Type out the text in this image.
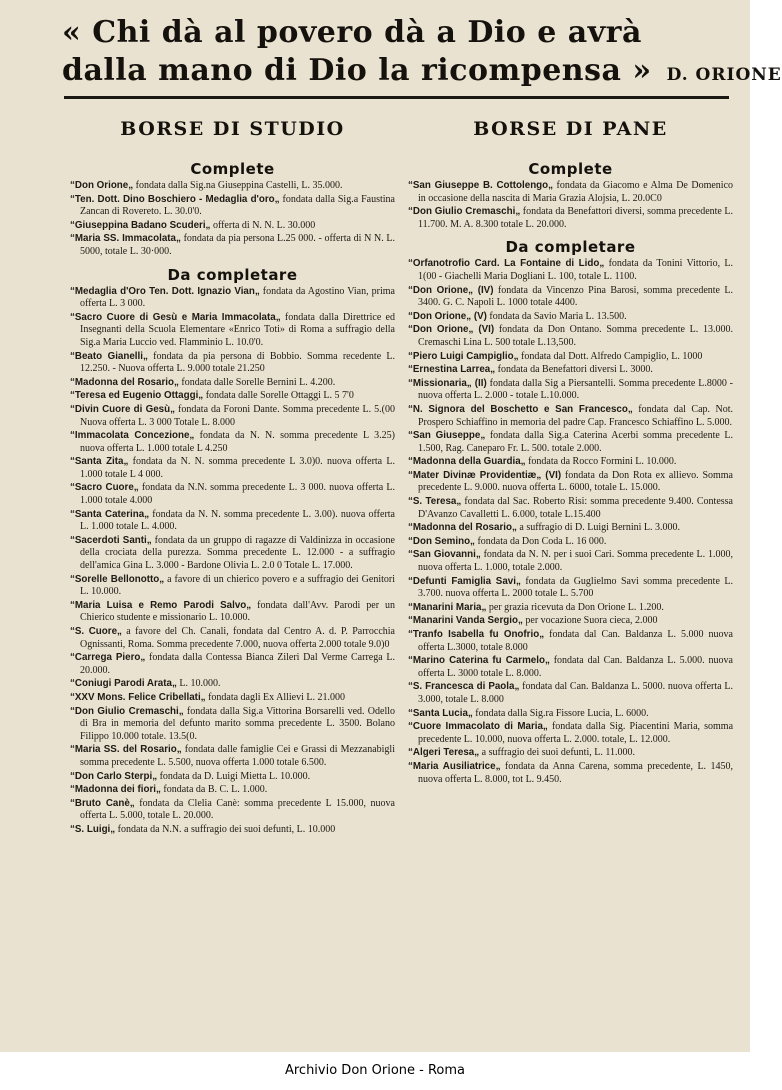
« Chi dà al povero dà a Dio e avrà
dalla mano di Dio la ricompensa » D. ORIONE
BORSE DI STUDIO
Complete
“Don Orione„ fondata dalla Sig.na Giuseppina Castelli, L. 35.000.
“Ten. Dott. Dino Boschiero - Medaglia d'oro„ fondata dalla Sig.a Faustina Zancan di Rovereto. L. 30.0'0.
“Giuseppina Badano Scuderi„ offerta di N. N. L. 30.000
“Maria SS. Immacolata„ fondata da pia persona L.25 000. - offerta di N N. L. 5000, totale L. 30·000.
Da completare
“Medaglia d'Oro Ten. Dott. Ignazio Vian„ fondata da Agostino Vian, prima offerta L. 3 000.
“Sacro Cuore di Gesù e Maria Immacolata„ fondata dalla Direttrice ed Insegnanti della Scuola Elementare «Enrico Toti» di Roma a suffragio della Sig.a Maria Luccio ved. Flamminio L. 10.0'0.
“Beato Gianelli„ fondata da pia persona di Bobbio. Somma recedente L. 12.250. - Nuova offerta L. 9.000 totale 21.250
“Madonna del Rosario„ fondata dalle Sorelle Bernini L. 4.200.
“Teresa ed Eugenio Ottaggi„ fondata dalle Sorelle Ottaggi L. 5 7'0
“Divin Cuore di Gesù„ fondata da Foroni Dante. Somma precedente L. 5.(00 Nuova offerta L. 3 000 Totale L. 8.000
“Immacolata Concezione„ fondata da N. N. somma precedente L 3.25) nuova offerta L. 1.000 totale L 4.250
“Santa Zita„ fondata da N. N. somma precedente L 3.0)0. nuova offerta L. 1.000 totale L 4 000.
“Sacro Cuore„ fondata da N.N. somma precedente L. 3 000. nuova offerta L. 1.000 totale 4.000
“Santa Caterina„ fondata da N. N. somma precedente L. 3.00). nuova offerta L. 1.000 totale L. 4.000.
“Sacerdoti Santi„ fondata da un gruppo di ragazze di Valdinizza in occasione della crociata della purezza. Somma precedente L. 12.000 - a suffragio dell'amica Gina L. 3.000 - Bardone Olivia L. 2.0 0 Totale L. 17.000.
“Sorelle Bellonotto„ a favore di un chierico povero e a suffragio dei Genitori L. 10.000.
“Maria Luisa e Remo Parodi Salvo„ fondata dall'Avv. Parodi per un Chierico studente e missionario L. 10.000.
“S. Cuore„ a favore del Ch. Canali, fondata dal Centro A. d. P. Parrocchia Ognissanti, Roma. Somma precedente 7.000, nuova offerta 2.000 totale 9.0)0
“Carrega Piero„ fondata dalla Contessa Bianca Zileri Dal Verme Carrega L. 20.000.
“Coniugi Parodi Arata„ L. 10.000.
“XXV Mons. Felice Cribellati„ fondata dagli Ex Allievi L. 21.000
“Don Giulio Cremaschi„ fondata dalla Sig.a Vittorina Borsarelli ved. Odello di Bra in memoria del defunto marito somma precedente L. 3500. Bolano Filippo 10.000 totale. 13.5(0.
“Maria SS. del Rosario„ fondata dalle famiglie Cei e Grassi di Mezzanabigli somma precedente L. 5.500, nuova offerta 1.000 totale 6.500.
“Don Carlo Sterpi„ fondata da D. Luigi Mietta L. 10.000.
“Madonna dei fiori„ fondata da B. C. L. 1.000.
“Bruto Canè„ fondata da Clelia Canè: somma precedente L 15.000, nuova offerta L. 5.000, totale L. 20.000.
“S. Luigi„ fondata da N.N. a suffragio dei suoi defunti, L. 10.000
BORSE DI PANE
Complete
“San Giuseppe B. Cottolengo„ fondata da Giacomo e Alma De Domenico in occasione della nascita di Maria Grazia Alojsia, L. 20.0C0
“Don Giulio Cremaschi„ fondata da Benefattori diversi, somma precedente L. 11.700. M. A. 8.300 totale L. 20.000.
Da completare
“Orfanotrofio Card. La Fontaine di Lido„ fondata da Tonini Vittorio, L. 1(00 - Giachelli Maria Dogliani L. 100, totale L. 1100.
“Don Orione„ (IV) fondata da Vincenzo Pina Barosi, somma precedente L. 3400. G. C. Napoli L. 1000 totale 4400.
“Don Orione„ (V) fondata da Savio Maria L. 13.500.
“Don Orione„ (VI) fondata da Don Ontano. Somma precedente L. 13.000. Cremaschi Lina L. 500 totale L.13,500.
“Piero Luigi Campiglio„ fondata dal Dott. Alfredo Campiglio, L. 1000
“Ernestina Larrea„ fondata da Benefattori diversi L. 3000.
“Missionaria„ (II) fondata dalla Sig a Piersantelli. Somma precedente L.8000 - nuova offerta L. 2.000 - totale L.10.000.
“N. Signora del Boschetto e San Francesco„ fondata dal Cap. Not. Prospero Schiaffino in memoria del padre Cap. Francesco Schiaffino L. 5.000.
“San Giuseppe„ fondata dalla Sig.a Caterina Acerbi somma precedente L. 1.500, Rag. Caneparo Fr. L. 500. totale 2.000.
“Madonna della Guardia„ fondata da Rocco Formini L. 10.000.
“Mater Divinæ Providentiæ„ (VI) fondata da Don Rota ex allievo. Somma precedente L. 9.000. nuova offerta L. 6000, totale L. 15.000.
“S. Teresa„ fondata dal Sac. Roberto Risi: somma precedente 9.400. Contessa D'Avanzo Cavalletti L. 6.000, totale L.15.400
“Madonna del Rosario„ a suffragio di D. Luigi Bernini L. 3.000.
“Don Semino„ fondata da Don Coda L. 16 000.
“San Giovanni„ fondata da N. N. per i suoi Cari. Somma precedente L. 1.000, nuova offerta L. 1.000, totale 2.000.
“Defunti Famiglia Savi„ fondata da Guglielmo Savi somma precedente L. 3.700. nuova offerta L. 2000 totale L. 5.700
“Manarini Maria„ per grazia ricevuta da Don Orione L. 1.200.
“Manarini Vanda Sergio„ per vocazione Suora cieca, 2.000
“Tranfo Isabella fu Onofrio„ fondata dal Can. Baldanza L. 5.000 nuova offerta L.3000, totale 8.000
“Marino Caterina fu Carmelo„ fondata dal Can. Baldanza L. 5.000. nuova offerta L. 3000 totale L. 8.000.
“S. Francesca di Paola„ fondata dal Can. Baldanza L. 5000. nuova offerta L. 3.000, totale L. 8.000
“Santa Lucia„ fondata dalla Sig.ra Fissore Lucia, L. 6000.
“Cuore Immacolato di Maria„ fondata dalla Sig. Piacentini Maria, somma precedente L. 10.000, nuova offerta L. 2.000. totale, L. 12.000.
“Algeri Teresa„ a suffragio dei suoi defunti, L. 11.000.
“Maria Ausiliatrice„ fondata da Anna Carena, somma precedente, L. 1450, nuova offerta L. 8.000, tot L. 9.450.
Archivio Don Orione - Roma
